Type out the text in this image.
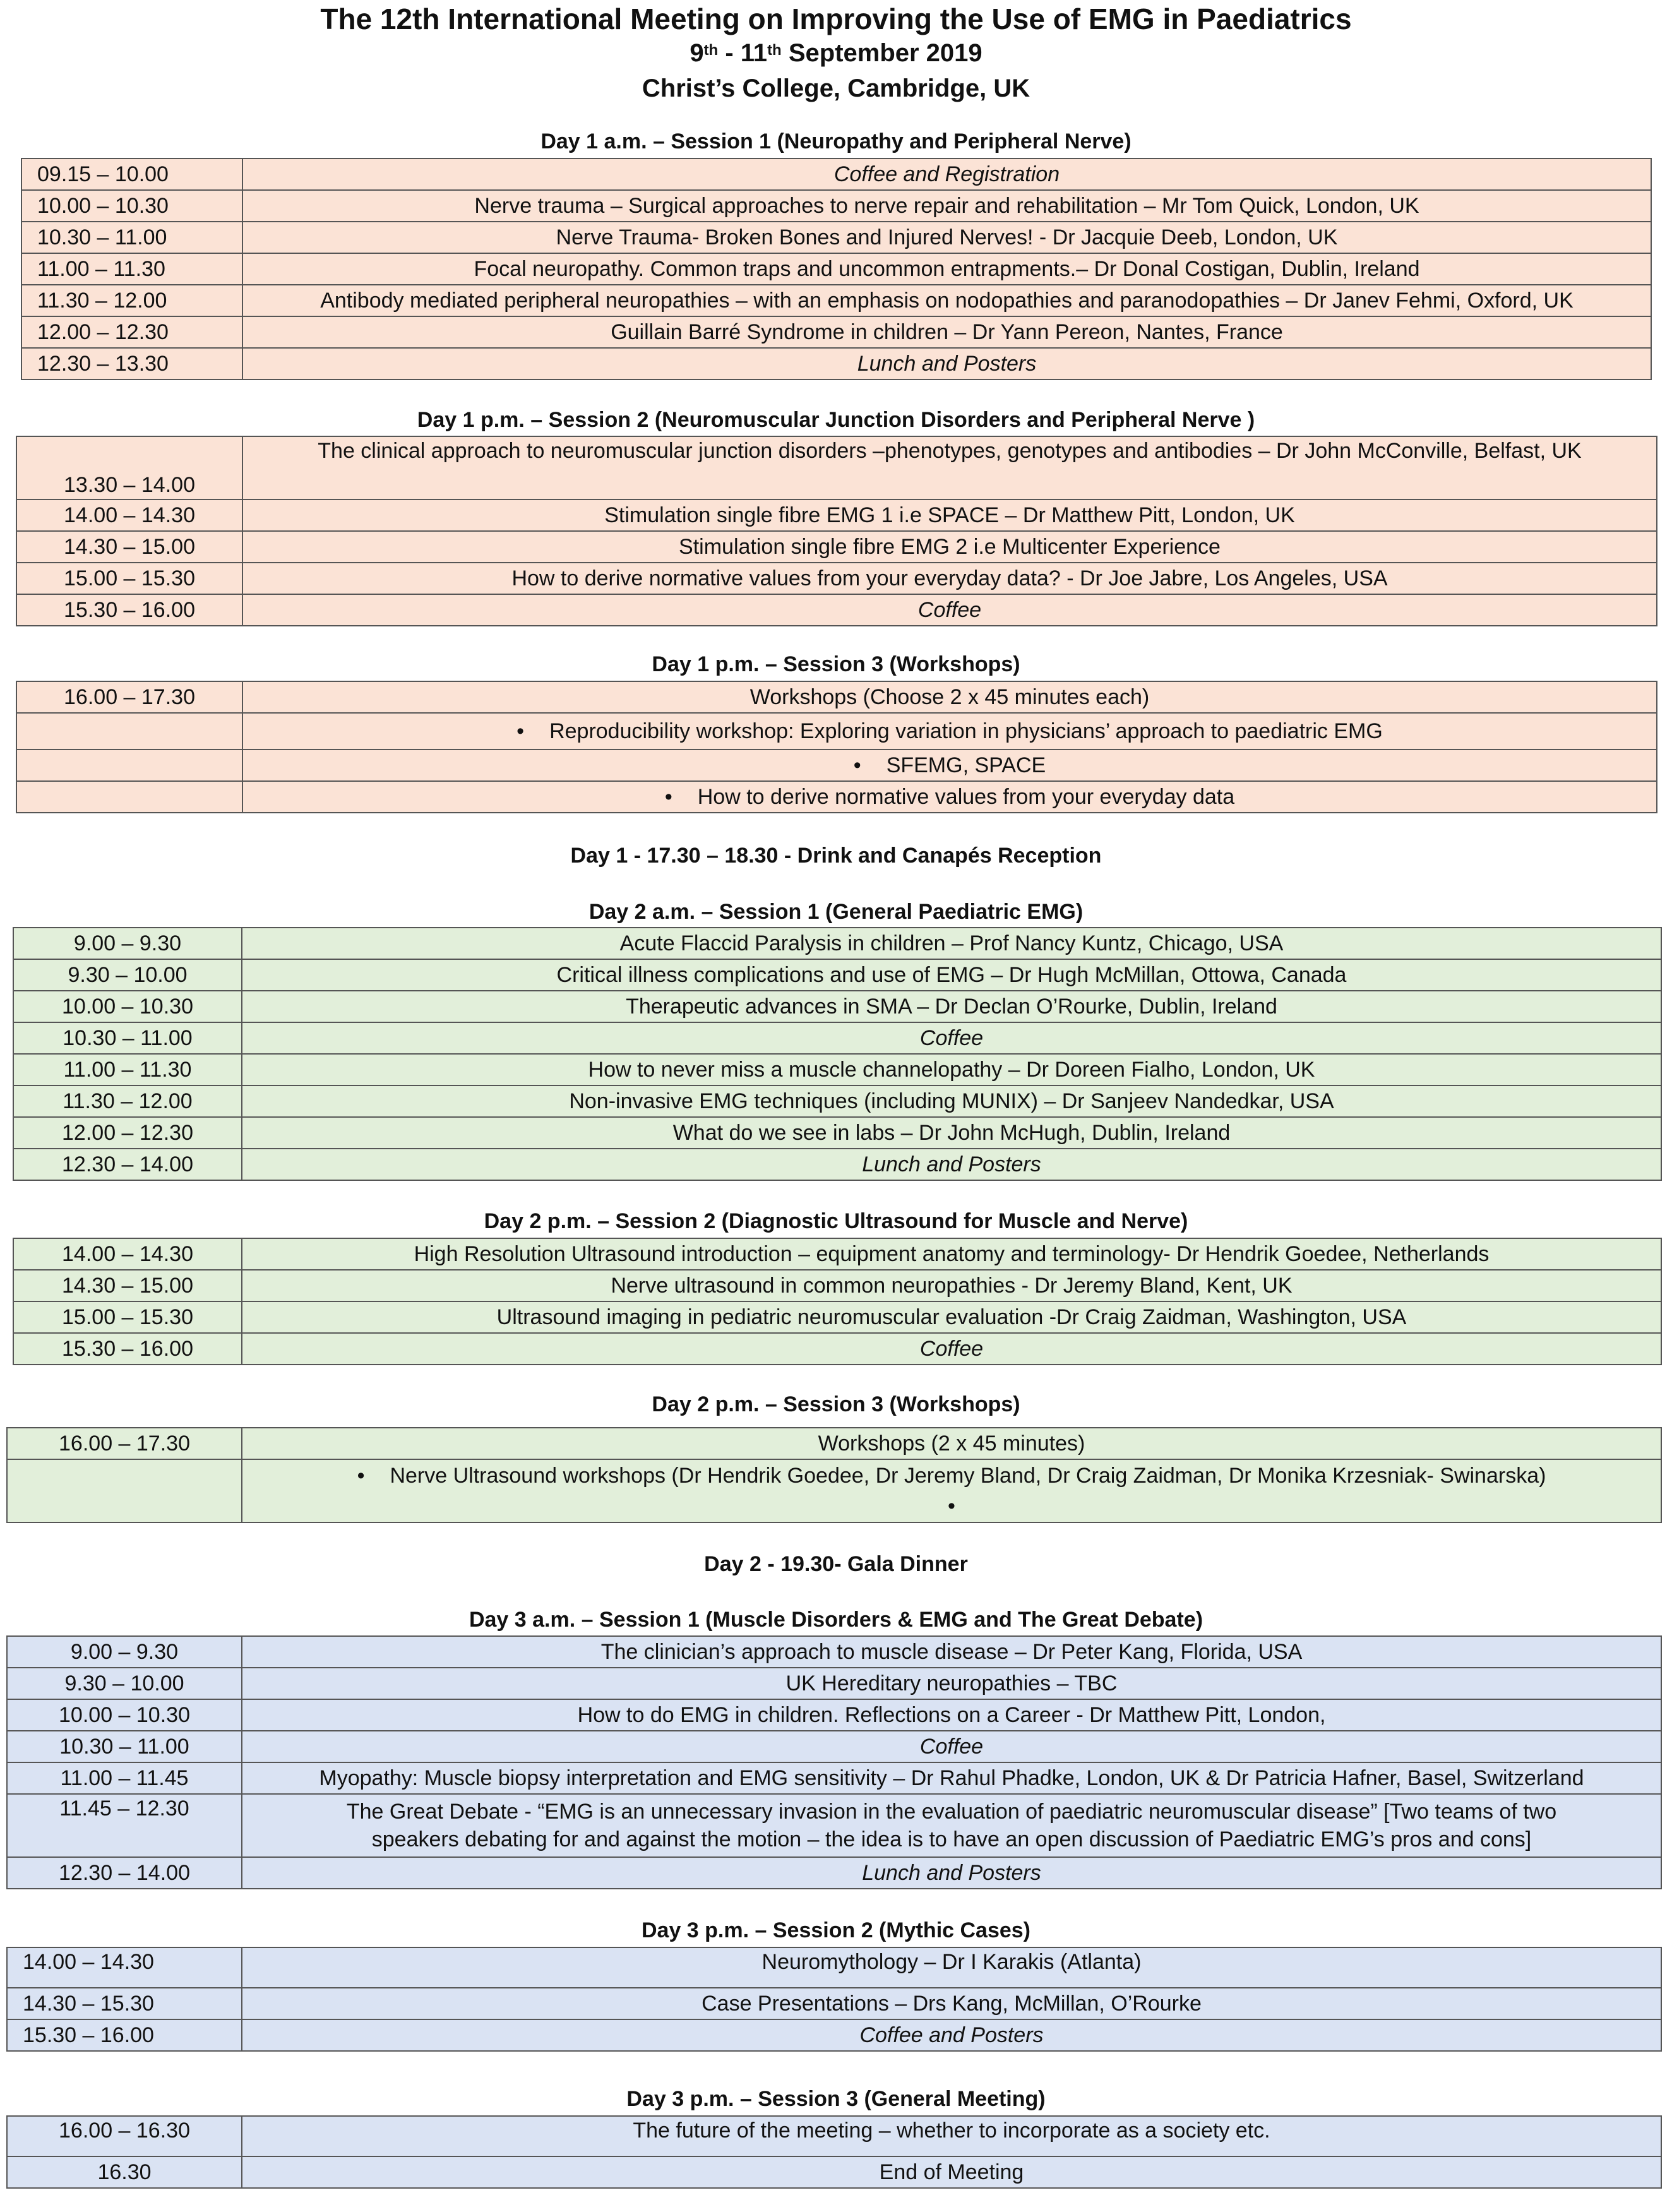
The 12th International Meeting on Improving the Use of EMG in Paediatrics
9th - 11th September 2019
Christ’s College, Cambridge, UK
Day 1 a.m. – Session 1 (Neuropathy and Peripheral Nerve)
09.15 – 10.00	Coffee and Registration
10.00 – 10.30	Nerve trauma – Surgical approaches to nerve repair and rehabilitation – Mr Tom Quick, London, UK
10.30 – 11.00	Nerve Trauma- Broken Bones and Injured Nerves! - Dr Jacquie Deeb, London, UK
11.00 – 11.30	Focal neuropathy. Common traps and uncommon entrapments.– Dr Donal Costigan, Dublin, Ireland
11.30 – 12.00	Antibody mediated peripheral neuropathies – with an emphasis on nodopathies and paranodopathies – Dr Janev Fehmi, Oxford, UK
12.00 – 12.30	Guillain Barré Syndrome in children – Dr Yann Pereon, Nantes, France
12.30 – 13.30	Lunch and Posters
Day 1 p.m. – Session 2 (Neuromuscular Junction Disorders and Peripheral Nerve )
13.30 – 14.00	The clinical approach to neuromuscular junction disorders –phenotypes, genotypes and antibodies – Dr John McConville, Belfast, UK
14.00 – 14.30	Stimulation single fibre EMG 1 i.e SPACE – Dr Matthew Pitt, London, UK
14.30 – 15.00	Stimulation single fibre EMG 2 i.e Multicenter Experience
15.00 – 15.30	How to derive normative values from your everyday data? - Dr Joe Jabre, Los Angeles, USA
15.30 – 16.00	Coffee
Day 1 p.m. – Session 3 (Workshops)
16.00 – 17.30	Workshops (Choose 2 x 45 minutes each)
	• Reproducibility workshop: Exploring variation in physicians’ approach to paediatric EMG
	• SFEMG, SPACE
	• How to derive normative values from your everyday data
Day 1 - 17.30 – 18.30 - Drink and Canapés Reception
Day 2 a.m. – Session 1 (General Paediatric EMG)
9.00 – 9.30	Acute Flaccid Paralysis in children – Prof Nancy Kuntz, Chicago, USA
9.30 – 10.00	Critical illness complications and use of EMG – Dr Hugh McMillan, Ottowa, Canada
10.00 – 10.30	Therapeutic advances in SMA – Dr Declan O’Rourke, Dublin, Ireland
10.30 – 11.00	Coffee
11.00 – 11.30	How to never miss a muscle channelopathy – Dr Doreen Fialho, London, UK
11.30 – 12.00	Non-invasive EMG techniques (including MUNIX) – Dr Sanjeev Nandedkar, USA
12.00 – 12.30	What do we see in labs – Dr John McHugh, Dublin, Ireland
12.30 – 14.00	Lunch and Posters
Day 2 p.m. – Session 2 (Diagnostic Ultrasound for Muscle and Nerve)
14.00 – 14.30	High Resolution Ultrasound introduction – equipment anatomy and terminology- Dr Hendrik Goedee, Netherlands
14.30 – 15.00	Nerve ultrasound in common neuropathies - Dr Jeremy Bland, Kent, UK
15.00 – 15.30	Ultrasound imaging in pediatric neuromuscular evaluation -Dr Craig Zaidman, Washington, USA
15.30 – 16.00	Coffee
Day 2 p.m. – Session 3 (Workshops)
16.00 – 17.30	Workshops (2 x 45 minutes)

	• Nerve Ultrasound workshops (Dr Hendrik Goedee, Dr Jeremy Bland, Dr Craig Zaidman, Dr Monika Krzesniak- Swinarska)
•
Day 2 - 19.30- Gala Dinner
Day 3 a.m. – Session 1 (Muscle Disorders & EMG and The Great Debate)
9.00 – 9.30	The clinician’s approach to muscle disease – Dr Peter Kang, Florida, USA
9.30 – 10.00	UK Hereditary neuropathies – TBC
10.00 – 10.30	How to do EMG in children. Reflections on a Career - Dr Matthew Pitt, London,
10.30 – 11.00	Coffee
11.00 – 11.45	Myopathy: Muscle biopsy interpretation and EMG sensitivity – Dr Rahul Phadke, London, UK & Dr Patricia Hafner, Basel, Switzerland
11.45 – 12.30	The Great Debate - “EMG is an unnecessary invasion in the evaluation of paediatric neuromuscular disease” [Two teams of two
speakers debating for and against the motion – the idea is to have an open discussion of Paediatric EMG’s pros and cons]

12.30 – 14.00	Lunch and Posters
Day 3 p.m. – Session 2 (Mythic Cases)
14.00 – 14.30	Neuromythology – Dr I Karakis (Atlanta)
14.30 – 15.30	Case Presentations – Drs Kang, McMillan, O’Rourke
15.30 – 16.00	Coffee and Posters
Day 3 p.m. – Session 3 (General Meeting)
16.00 – 16.30	The future of the meeting – whether to incorporate as a society etc.
16.30	End of Meeting
